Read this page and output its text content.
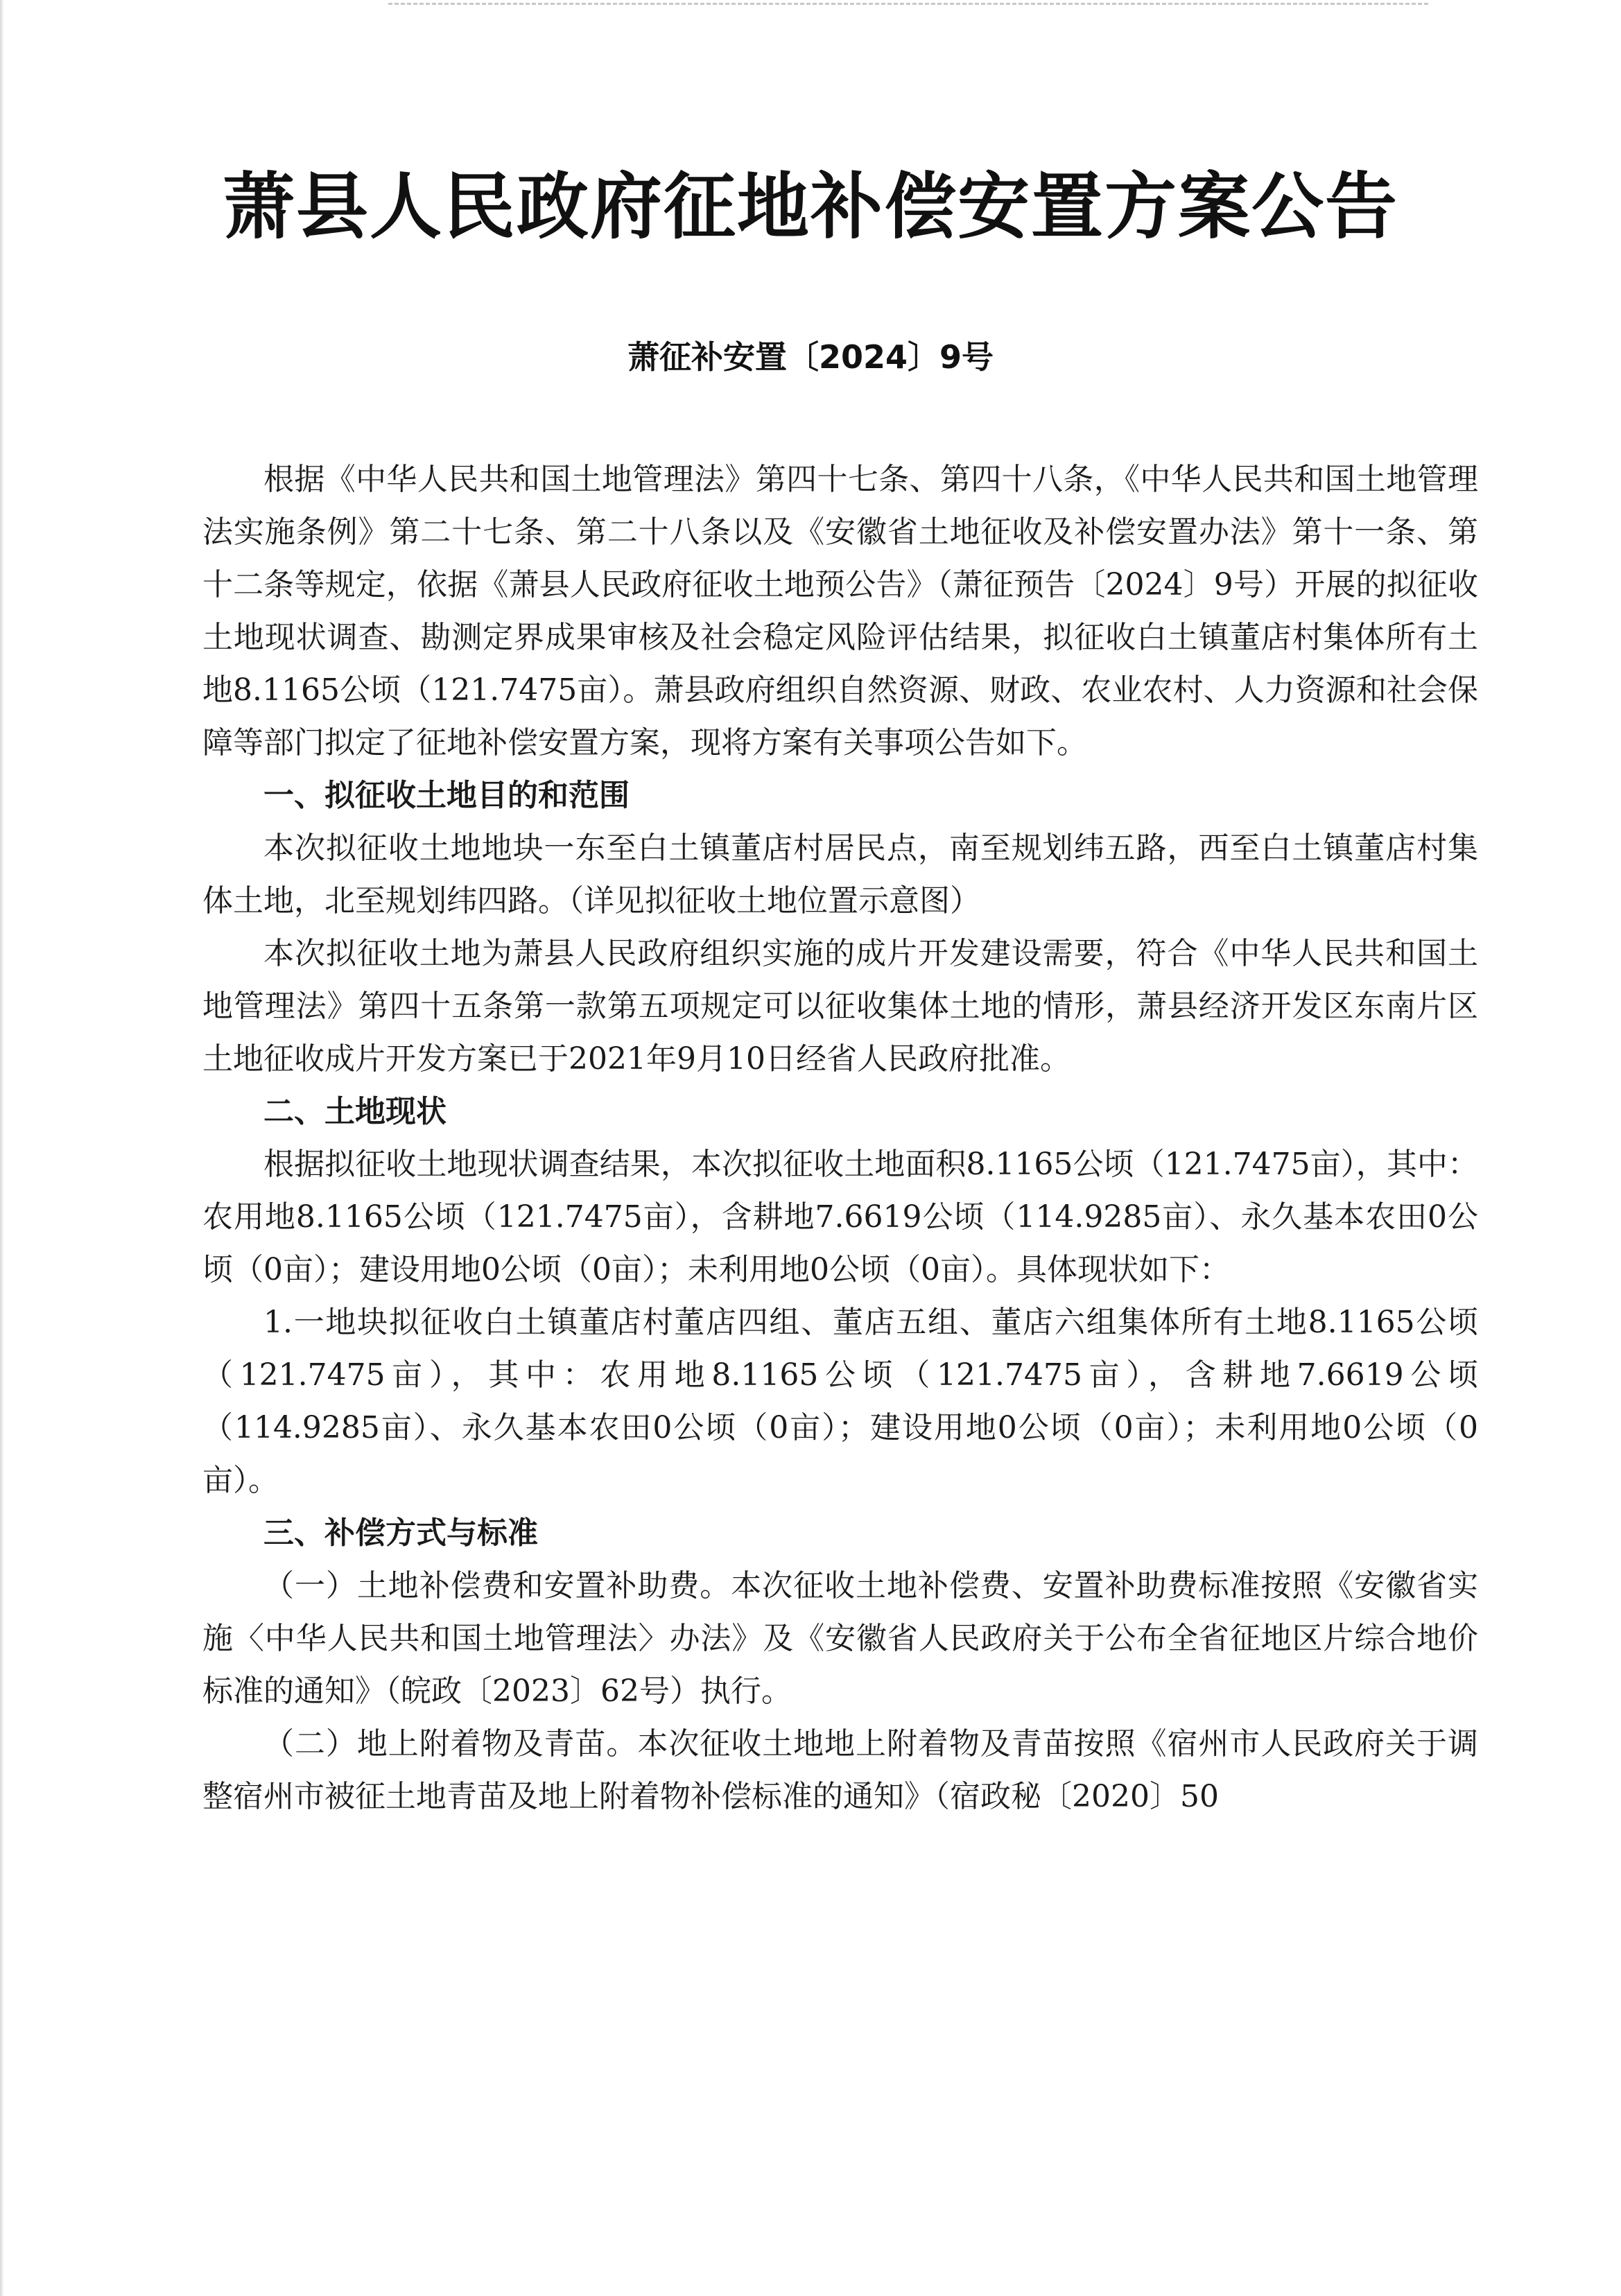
萧县人民政府征地补偿安置方案公告
萧征补安置〔2024〕9号

根据《中华人民共和国土地管理法》第四十七条、第四十八条，《中华人民共和国土地管理法实施条例》第二十七条、第二十八条以及《安徽省土地征收及补偿安置办法》第十一条、第十二条等规定，依据《萧县人民政府征收土地预公告》（萧征预告〔2024〕9号）开展的拟征收土地现状调查、勘测定界成果审核及社会稳定风险评估结果，拟征收白土镇董店村集体所有土地8.1165公顷（121.7475亩）。萧县政府组织自然资源、财政、农业农村、人力资源和社会保障等部门拟定了征地补偿安置方案，现将方案有关事项公告如下。

一、拟征收土地目的和范围

本次拟征收土地地块一东至白土镇董店村居民点，南至规划纬五路，西至白土镇董店村集体土地，北至规划纬四路。（详见拟征收土地位置示意图）

本次拟征收土地为萧县人民政府组织实施的成片开发建设需要，符合《中华人民共和国土地管理法》第四十五条第一款第五项规定可以征收集体土地的情形，萧县经济开发区东南片区土地征收成片开发方案已于2021年9月10日经省人民政府批准。

二、土地现状

根据拟征收土地现状调查结果，本次拟征收土地面积8.1165公顷（121.7475亩），其中：农用地8.1165公顷（121.7475亩），含耕地7.6619公顷（114.9285亩）、永久基本农田0公顷（0亩）；建设用地0公顷（0亩）；未利用地0公顷（0亩）。具体现状如下：

1.一地块拟征收白土镇董店村董店四组、董店五组、董店六组集体所有土地8.1165公顷（121.7475亩），其中：农用地8.1165公顷（121.7475亩），含耕地7.6619公顷（114.9285亩）、永久基本农田0公顷（0亩）；建设用地0公顷（0亩）；未利用地0公顷（0亩）。

三、补偿方式与标准

（一）土地补偿费和安置补助费。本次征收土地补偿费、安置补助费标准按照《安徽省实施〈中华人民共和国土地管理法〉办法》及《安徽省人民政府关于公布全省征地区片综合地价标准的通知》（皖政〔2023〕62号）执行。

（二）地上附着物及青苗。本次征收土地地上附着物及青苗按照《宿州市人民政府关于调整宿州市被征土地青苗及地上附着物补偿标准的通知》（宿政秘〔2020〕50
